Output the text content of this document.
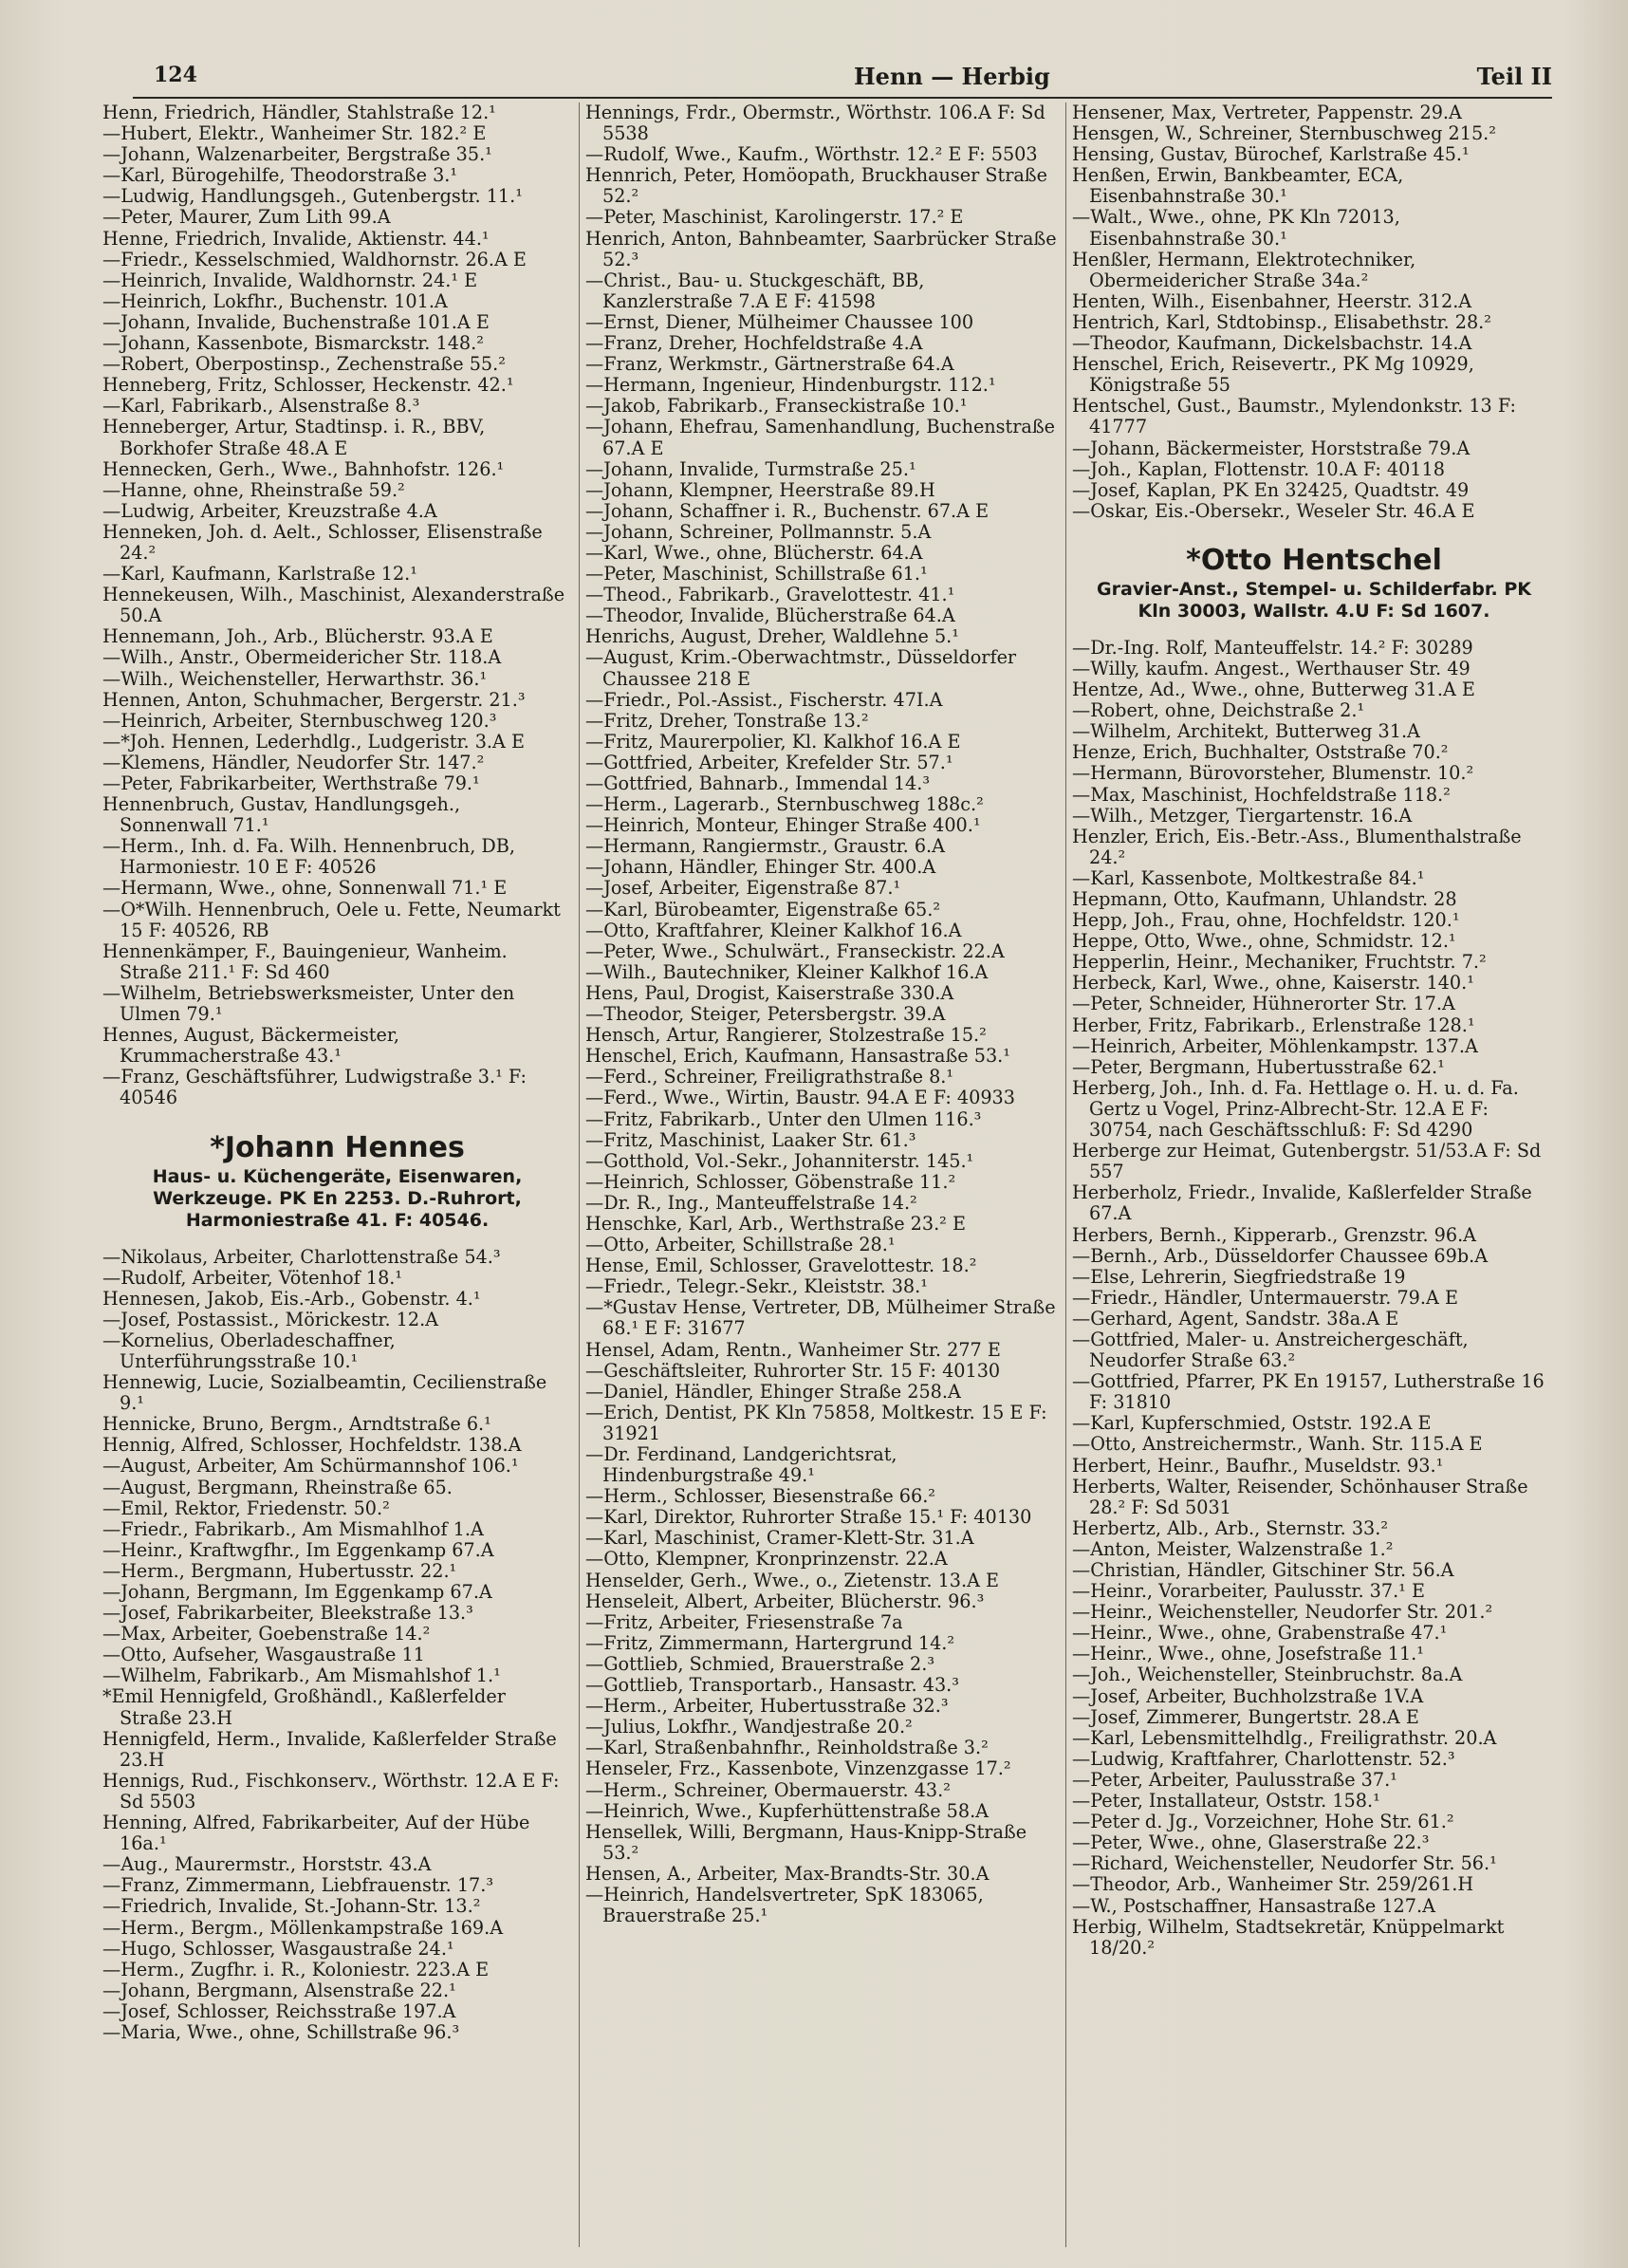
124	Henn — Herbig	Teil II

Henn, Friedrich, Händler, Stahlstraße 12.¹

—Hubert, Elektr., Wanheimer Str. 182.² E

—Johann, Walzenarbeiter, Bergstraße 35.¹

—Karl, Bürogehilfe, Theodorstraße 3.¹

—Ludwig, Handlungsgeh., Gutenbergstr. 11.¹

—Peter, Maurer, Zum Lith 99.A

Henne, Friedrich, Invalide, Aktienstr. 44.¹

—Friedr., Kesselschmied, Waldhornstr. 26.A E

—Heinrich, Invalide, Waldhornstr. 24.¹ E

—Heinrich, Lokfhr., Buchenstr. 101.A

—Johann, Invalide, Buchenstraße 101.A E

—Johann, Kassenbote, Bismarckstr. 148.²

—Robert, Oberpostinsp., Zechenstraße 55.²

Henneberg, Fritz, Schlosser, Heckenstr. 42.¹

—Karl, Fabrikarb., Alsenstraße 8.³

Henneberger, Artur, Stadtinsp. i. R., BBV, Borkhofer Straße 48.A E

Hennecken, Gerh., Wwe., Bahnhofstr. 126.¹

—Hanne, ohne, Rheinstraße 59.²

—Ludwig, Arbeiter, Kreuzstraße 4.A

Henneken, Joh. d. Aelt., Schlosser, Elisenstraße 24.²

—Karl, Kaufmann, Karlstraße 12.¹

Hennekeusen, Wilh., Maschinist, Alexanderstraße 50.A

Hennemann, Joh., Arb., Blücherstr. 93.A E

—Wilh., Anstr., Obermeidericher Str. 118.A

—Wilh., Weichensteller, Herwarthstr. 36.¹

Hennen, Anton, Schuhmacher, Bergerstr. 21.³

—Heinrich, Arbeiter, Sternbuschweg 120.³

—*Joh. Hennen, Lederhdlg., Ludgeristr. 3.A E

—Klemens, Händler, Neudorfer Str. 147.²

—Peter, Fabrikarbeiter, Werthstraße 79.¹

Hennenbruch, Gustav, Handlungsgeh., Sonnenwall 71.¹

—Herm., Inh. d. Fa. Wilh. Hennenbruch, DB, Harmoniestr. 10 E F: 40526

—Hermann, Wwe., ohne, Sonnenwall 71.¹ E

—O*Wilh. Hennenbruch, Oele u. Fette, Neumarkt 15 F: 40526, RB

Hennenkämper, F., Bauingenieur, Wanheim. Straße 211.¹ F: Sd 460

—Wilhelm, Betriebswerksmeister, Unter den Ulmen 79.¹

Hennes, August, Bäckermeister, Krummacherstraße 43.¹

—Franz, Geschäftsführer, Ludwigstraße 3.¹ F: 40546

*Johann Hennes
Haus- u. Küchengeräte, Eisenwaren, Werkzeuge. PK En 2253. D.-Ruhrort, Harmoniestraße 41. F: 40546.

—Nikolaus, Arbeiter, Charlottenstraße 54.³

—Rudolf, Arbeiter, Vötenhof 18.¹

Hennesen, Jakob, Eis.-Arb., Gobenstr. 4.¹

—Josef, Postassist., Mörickestr. 12.A

—Kornelius, Oberladeschaffner, Unterführungsstraße 10.¹

Hennewig, Lucie, Sozialbeamtin, Cecilienstraße 9.¹

Hennicke, Bruno, Bergm., Arndtstraße 6.¹

Hennig, Alfred, Schlosser, Hochfeldstr. 138.A

—August, Arbeiter, Am Schürmannshof 106.¹

—August, Bergmann, Rheinstraße 65.

—Emil, Rektor, Friedenstr. 50.²

—Friedr., Fabrikarb., Am Mismahlhof 1.A

—Heinr., Kraftwgfhr., Im Eggenkamp 67.A

—Herm., Bergmann, Hubertusstr. 22.¹

—Johann, Bergmann, Im Eggenkamp 67.A

—Josef, Fabrikarbeiter, Bleekstraße 13.³

—Max, Arbeiter, Goebenstraße 14.²

—Otto, Aufseher, Wasgaustraße 11

—Wilhelm, Fabrikarb., Am Mismahlshof 1.¹

*Emil Hennigfeld, Großhändl., Kaßlerfelder Straße 23.H

Hennigfeld, Herm., Invalide, Kaßlerfelder Straße 23.H

Hennigs, Rud., Fischkonserv., Wörthstr. 12.A E F: Sd 5503

Henning, Alfred, Fabrikarbeiter, Auf der Hübe 16a.¹

—Aug., Maurermstr., Horststr. 43.A

—Franz, Zimmermann, Liebfrauenstr. 17.³

—Friedrich, Invalide, St.-Johann-Str. 13.²

—Herm., Bergm., Möllenkampstraße 169.A

—Hugo, Schlosser, Wasgaustraße 24.¹

—Herm., Zugfhr. i. R., Koloniestr. 223.A E

—Johann, Bergmann, Alsenstraße 22.¹

—Josef, Schlosser, Reichsstraße 197.A

—Maria, Wwe., ohne, Schillstraße 96.³

Hennings, Frdr., Obermstr., Wörthstr. 106.A F: Sd 5538

—Rudolf, Wwe., Kaufm., Wörthstr. 12.² E F: 5503

Hennrich, Peter, Homöopath, Bruckhauser Straße 52.²

—Peter, Maschinist, Karolingerstr. 17.² E

Henrich, Anton, Bahnbeamter, Saarbrücker Straße 52.³

—Christ., Bau- u. Stuckgeschäft, BB, Kanzlerstraße 7.A E F: 41598

—Ernst, Diener, Mülheimer Chaussee 100

—Franz, Dreher, Hochfeldstraße 4.A

—Franz, Werkmstr., Gärtnerstraße 64.A

—Hermann, Ingenieur, Hindenburgstr. 112.¹

—Jakob, Fabrikarb., Franseckistraße 10.¹

—Johann, Ehefrau, Samenhandlung, Buchenstraße 67.A E

—Johann, Invalide, Turmstraße 25.¹

—Johann, Klempner, Heerstraße 89.H

—Johann, Schaffner i. R., Buchenstr. 67.A E

—Johann, Schreiner, Pollmannstr. 5.A

—Karl, Wwe., ohne, Blücherstr. 64.A

—Peter, Maschinist, Schillstraße 61.¹

—Theod., Fabrikarb., Gravelottestr. 41.¹

—Theodor, Invalide, Blücherstraße 64.A

Henrichs, August, Dreher, Waldlehne 5.¹

—August, Krim.-Oberwachtmstr., Düsseldorfer Chaussee 218 E

—Friedr., Pol.-Assist., Fischerstr. 47I.A

—Fritz, Dreher, Tonstraße 13.²

—Fritz, Maurerpolier, Kl. Kalkhof 16.A E

—Gottfried, Arbeiter, Krefelder Str. 57.¹

—Gottfried, Bahnarb., Immendal 14.³

—Herm., Lagerarb., Sternbuschweg 188c.²

—Heinrich, Monteur, Ehinger Straße 400.¹

—Hermann, Rangiermstr., Graustr. 6.A

—Johann, Händler, Ehinger Str. 400.A

—Josef, Arbeiter, Eigenstraße 87.¹

—Karl, Bürobeamter, Eigenstraße 65.²

—Otto, Kraftfahrer, Kleiner Kalkhof 16.A

—Peter, Wwe., Schulwärt., Franseckistr. 22.A

—Wilh., Bautechniker, Kleiner Kalkhof 16.A

Hens, Paul, Drogist, Kaiserstraße 330.A

—Theodor, Steiger, Petersbergstr. 39.A

Hensch, Artur, Rangierer, Stolzestraße 15.²

Henschel, Erich, Kaufmann, Hansastraße 53.¹

—Ferd., Schreiner, Freiligrathstraße 8.¹

—Ferd., Wwe., Wirtin, Baustr. 94.A E F: 40933

—Fritz, Fabrikarb., Unter den Ulmen 116.³

—Fritz, Maschinist, Laaker Str. 61.³

—Gotthold, Vol.-Sekr., Johanniterstr. 145.¹

—Heinrich, Schlosser, Göbenstraße 11.²

—Dr. R., Ing., Manteuffelstraße 14.²

Henschke, Karl, Arb., Werthstraße 23.² E

—Otto, Arbeiter, Schillstraße 28.¹

Hense, Emil, Schlosser, Gravelottestr. 18.²

—Friedr., Telegr.-Sekr., Kleiststr. 38.¹

—*Gustav Hense, Vertreter, DB, Mülheimer Straße 68.¹ E F: 31677

Hensel, Adam, Rentn., Wanheimer Str. 277 E

—Geschäftsleiter, Ruhrorter Str. 15 F: 40130

—Daniel, Händler, Ehinger Straße 258.A

—Erich, Dentist, PK Kln 75858, Moltkestr. 15 E F: 31921

—Dr. Ferdinand, Landgerichtsrat, Hindenburgstraße 49.¹

—Herm., Schlosser, Biesenstraße 66.²

—Karl, Direktor, Ruhrorter Straße 15.¹ F: 40130

—Karl, Maschinist, Cramer-Klett-Str. 31.A

—Otto, Klempner, Kronprinzenstr. 22.A

Henselder, Gerh., Wwe., o., Zietenstr. 13.A E

Henseleit, Albert, Arbeiter, Blücherstr. 96.³

—Fritz, Arbeiter, Friesenstraße 7a

—Fritz, Zimmermann, Hartergrund 14.²

—Gottlieb, Schmied, Brauerstraße 2.³

—Gottlieb, Transportarb., Hansastr. 43.³

—Herm., Arbeiter, Hubertusstraße 32.³

—Julius, Lokfhr., Wandjestraße 20.²

—Karl, Straßenbahnfhr., Reinholdstraße 3.²

Henseler, Frz., Kassenbote, Vinzenzgasse 17.²

—Herm., Schreiner, Obermauerstr. 43.²

—Heinrich, Wwe., Kupferhüttenstraße 58.A

Hensellek, Willi, Bergmann, Haus-Knipp-Straße 53.²

Hensen, A., Arbeiter, Max-Brandts-Str. 30.A

—Heinrich, Handelsvertreter, SpK 183065, Brauerstraße 25.¹

Hensener, Max, Vertreter, Pappenstr. 29.A

Hensgen, W., Schreiner, Sternbuschweg 215.²

Hensing, Gustav, Bürochef, Karlstraße 45.¹

Henßen, Erwin, Bankbeamter, ECA, Eisenbahnstraße 30.¹

—Walt., Wwe., ohne, PK Kln 72013, Eisenbahnstraße 30.¹

Henßler, Hermann, Elektrotechniker, Obermeidericher Straße 34a.²

Henten, Wilh., Eisenbahner, Heerstr. 312.A

Hentrich, Karl, Stdtobinsp., Elisabethstr. 28.²

—Theodor, Kaufmann, Dickelsbachstr. 14.A

Henschel, Erich, Reisevertr., PK Mg 10929, Königstraße 55

Hentschel, Gust., Baumstr., Mylendonkstr. 13 F: 41777

—Johann, Bäckermeister, Horststraße 79.A

—Joh., Kaplan, Flottenstr. 10.A F: 40118

—Josef, Kaplan, PK En 32425, Quadtstr. 49

—Oskar, Eis.-Obersekr., Weseler Str. 46.A E

*Otto Hentschel
Gravier-Anst., Stempel- u. Schilderfabr. PK Kln 30003, Wallstr. 4.U F: Sd 1607.

—Dr.-Ing. Rolf, Manteuffelstr. 14.² F: 30289

—Willy, kaufm. Angest., Werthauser Str. 49

Hentze, Ad., Wwe., ohne, Butterweg 31.A E

—Robert, ohne, Deichstraße 2.¹

—Wilhelm, Architekt, Butterweg 31.A

Henze, Erich, Buchhalter, Oststraße 70.²

—Hermann, Bürovorsteher, Blumenstr. 10.²

—Max, Maschinist, Hochfeldstraße 118.²

—Wilh., Metzger, Tiergartenstr. 16.A

Henzler, Erich, Eis.-Betr.-Ass., Blumenthalstraße 24.²

—Karl, Kassenbote, Moltkestraße 84.¹

Hepmann, Otto, Kaufmann, Uhlandstr. 28

Hepp, Joh., Frau, ohne, Hochfeldstr. 120.¹

Heppe, Otto, Wwe., ohne, Schmidstr. 12.¹

Hepperlin, Heinr., Mechaniker, Fruchtstr. 7.²

Herbeck, Karl, Wwe., ohne, Kaiserstr. 140.¹

—Peter, Schneider, Hühnerorter Str. 17.A

Herber, Fritz, Fabrikarb., Erlenstraße 128.¹

—Heinrich, Arbeiter, Möhlenkampstr. 137.A

—Peter, Bergmann, Hubertusstraße 62.¹

Herberg, Joh., Inh. d. Fa. Hettlage o. H. u. d. Fa. Gertz u Vogel, Prinz-Albrecht-Str. 12.A E F: 30754, nach Geschäftsschluß: F: Sd 4290

Herberge zur Heimat, Gutenbergstr. 51/53.A F: Sd 557

Herberholz, Friedr., Invalide, Kaßlerfelder Straße 67.A

Herbers, Bernh., Kipperarb., Grenzstr. 96.A

—Bernh., Arb., Düsseldorfer Chaussee 69b.A

—Else, Lehrerin, Siegfriedstraße 19

—Friedr., Händler, Untermauerstr. 79.A E

—Gerhard, Agent, Sandstr. 38a.A E

—Gottfried, Maler- u. Anstreichergeschäft, Neudorfer Straße 63.²

—Gottfried, Pfarrer, PK En 19157, Lutherstraße 16 F: 31810

—Karl, Kupferschmied, Oststr. 192.A E

—Otto, Anstreichermstr., Wanh. Str. 115.A E

Herbert, Heinr., Baufhr., Museldstr. 93.¹

Herberts, Walter, Reisender, Schönhauser Straße 28.² F: Sd 5031

Herbertz, Alb., Arb., Sternstr. 33.²

—Anton, Meister, Walzenstraße 1.²

—Christian, Händler, Gitschiner Str. 56.A

—Heinr., Vorarbeiter, Paulusstr. 37.¹ E

—Heinr., Weichensteller, Neudorfer Str. 201.²

—Heinr., Wwe., ohne, Grabenstraße 47.¹

—Heinr., Wwe., ohne, Josefstraße 11.¹

—Joh., Weichensteller, Steinbruchstr. 8a.A

—Josef, Arbeiter, Buchholzstraße 1V.A

—Josef, Zimmerer, Bungertstr. 28.A E

—Karl, Lebensmittelhdlg., Freiligrathstr. 20.A

—Ludwig, Kraftfahrer, Charlottenstr. 52.³

—Peter, Arbeiter, Paulusstraße 37.¹

—Peter, Installateur, Oststr. 158.¹

—Peter d. Jg., Vorzeichner, Hohe Str. 61.²

—Peter, Wwe., ohne, Glaserstraße 22.³

—Richard, Weichensteller, Neudorfer Str. 56.¹

—Theodor, Arb., Wanheimer Str. 259/261.H

—W., Postschaffner, Hansastraße 127.A

Herbig, Wilhelm, Stadtsekretär, Knüppelmarkt 18/20.²
